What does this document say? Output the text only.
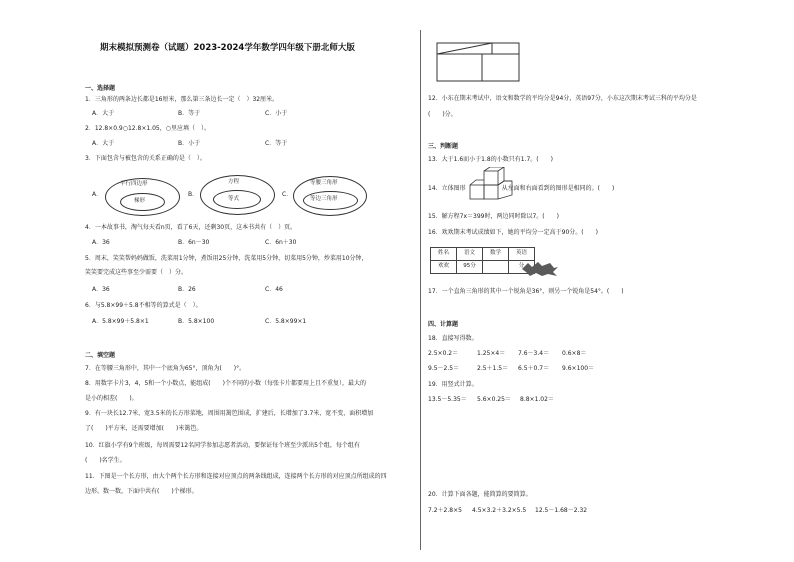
期末模拟预测卷（试题）2023-2024学年数学四年级下册北师大版
一、选择题
1．三角形的两条边长都是16厘米，那么第三条边长一定（　）32厘米。
A．大于	B．等于	C．小于
2．12.8×0.9○12.8×1.05，○里应填（　）。
A．大于	B．小于	C．等于
3．下面包含与被包含的关系正确的是（　）。
A．	B．	C．
平行四边形
梯形
方程
等式
等腰三角形
等边三角形
4．一本故事书，淘气每天看n页，看了6天，还剩30页，这本书共有（　）页。
A．36	B．6n－30	C．6n＋30
5．周末，笑笑帮妈妈做饭，洗菜用1分钟，煮饭用25分钟，洗菜用5分钟，切菜用5分钟，炒菜用10分钟，
笑笑要完成这些事至少需要（　）分。
A．36	B．26	C．46
6．与5.8×99＋5.8不相等的算式是（　）。
A．5.8×99＋5.8×1	B．5.8×100	C．5.8×99×1
二、填空题
7．在等腰三角形中，其中一个底角为65°，顶角为(　　)°。
8．用数字卡片3，4，5和一个小数点，能组成(　　)个不同的小数（每张卡片都要用上且不重复），最大的
是小的相差(　　)。
9．有一块长12.7米，宽3.5米的长方形菜地，周围用篱笆围成，扩建后，长增加了3.7米，宽不变，面积增加
了(　　)平方米，还需要增加(　　)米篱笆。
10．红旗小学有9个班级，每周需要12名同学参加志愿者活动，要保证每个班至少派出5个组，每个组有
(　　)名学生。
11．下图是一个长方形，由大个两个长方形和连接对应顶点的两条线组成，连接两个长方形的对应顶点所组成的四
边形。数一数，下面中共有(　　)个梯形。
12．小东在期末考试中，语文和数学的平均分是94分，英语97分，小东这次期末考试三科的平均分是
(　　)分。
三、判断题
13．大于1.6而小于1.8的小数只有1.7。(　　)
14．立体图形　　　　　　从左面和右面看到的图形是相同的。(　　)
15．解方程7x＝399时，两边同时除以7。(　　)
16．欢欢期末考试成绩如下，她的平均分一定高于90分。(　　)
姓名	语文	数学	英语
欢欢	95分		分
17．一个直角三角形的其中一个锐角是36°，则另一个锐角是54°。(　　)
四、计算题
18．直接写得数。
2.5×0.2＝	1.25×4＝ 7.6－3.4＝ 0.6×8＝
9.5－2.5＝	2.5＋1.5＝ 6.5＋0.7＝ 9.6×100＝
19．用竖式计算。
13.5－5.35＝ 5.6×0.25＝ 8.8×1.02＝
20．计算下面各题，能简算的要简算。
7.2＋2.8×5 4.5×3.2＋3.2×5.5 12.5－1.68－2.32
